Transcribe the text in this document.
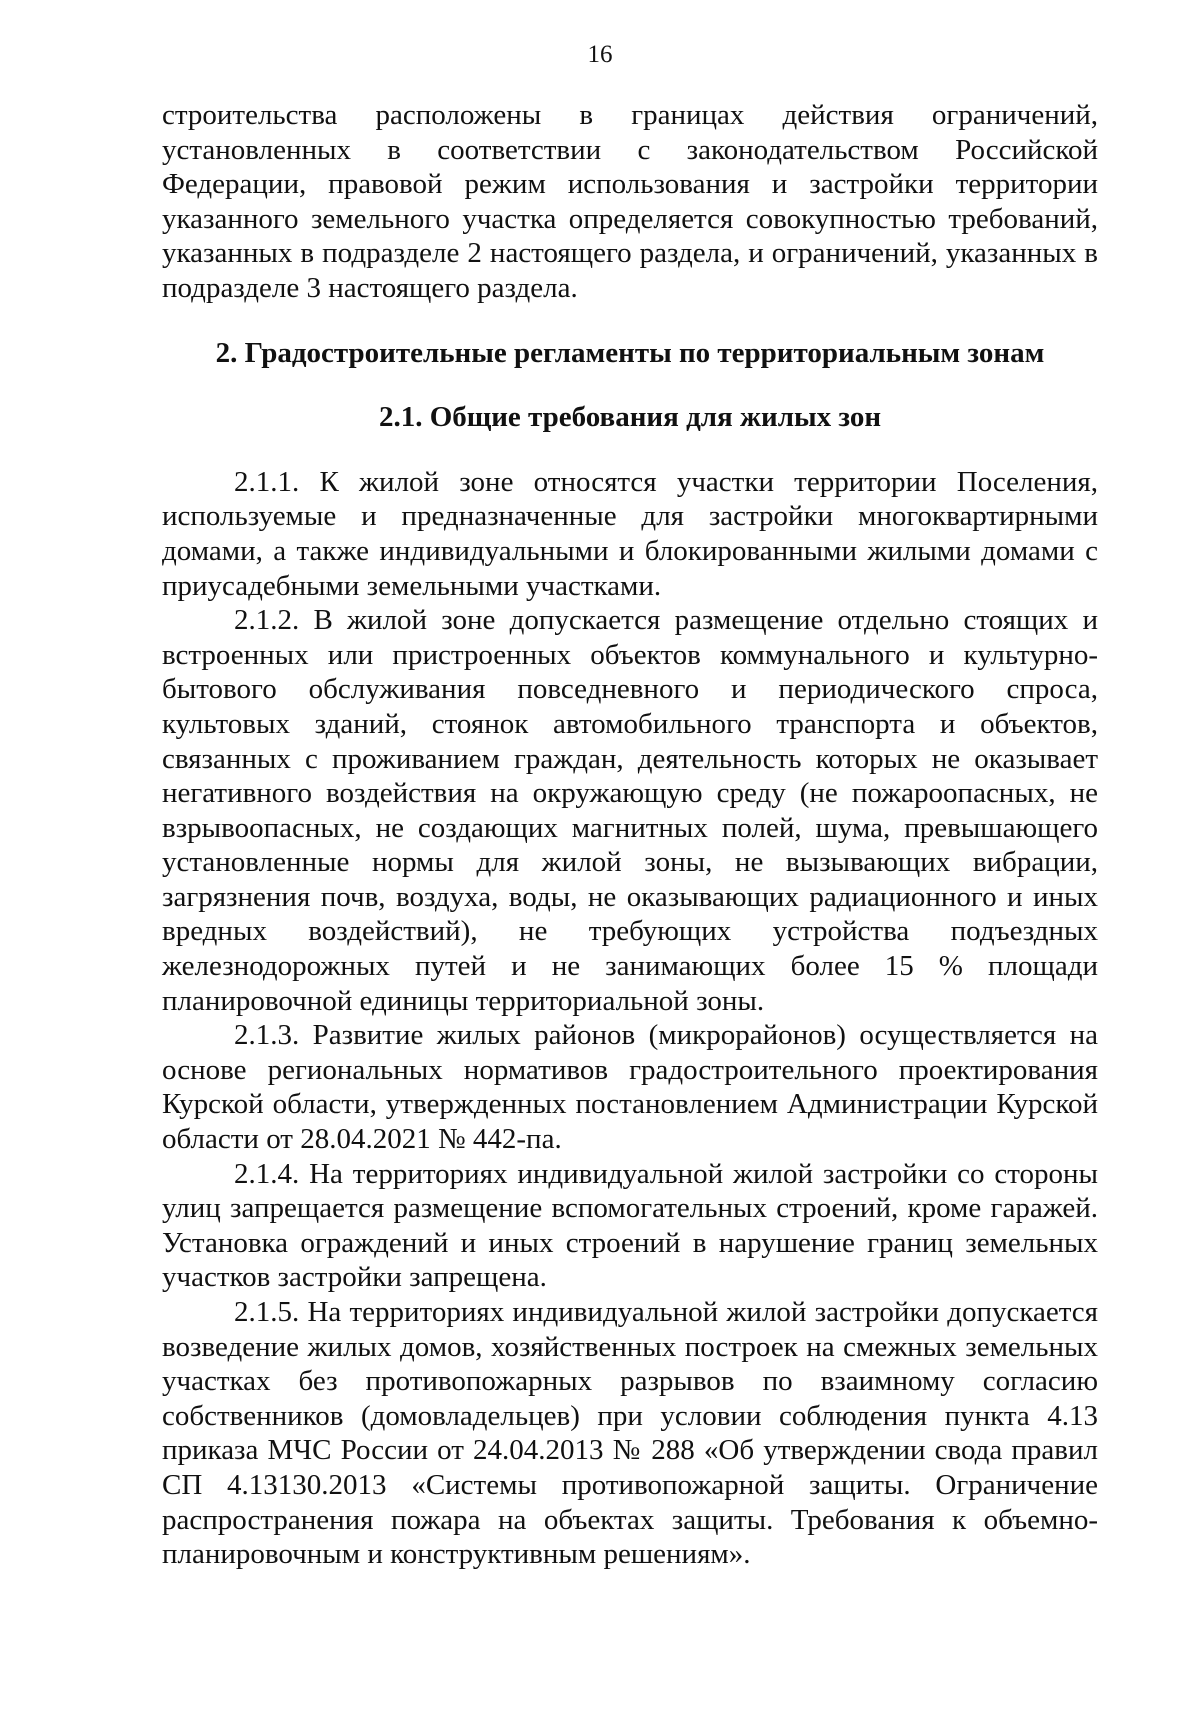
16

строительства расположены в границах действия ограничений, установленных в соответствии с законодательством Российской Федерации, правовой режим использования и застройки территории указанного земельного участка определяется совокупностью требований, указанных в подразделе 2 настоящего раздела, и ограничений, указанных в подразделе 3 настоящего раздела.

2. Градостроительные регламенты по территориальным зонам
2.1. Общие требования для жилых зон

2.1.1. К жилой зоне относятся участки территории Поселения, используемые и предназначенные для застройки многоквартирными домами, а также индивидуальными и блокированными жилыми домами с приусадебными земельными участками.

2.1.2. В жилой зоне допускается размещение отдельно стоящих и встроенных или пристроенных объектов коммунального и культурно-бытового обслуживания повседневного и периодического спроса, культовых зданий, стоянок автомобильного транспорта и объектов, связанных с проживанием граждан, деятельность которых не оказывает негативного воздействия на окружающую среду (не пожароопасных, не взрывоопасных, не создающих магнитных полей, шума, превышающего установленные нормы для жилой зоны, не вызывающих вибрации, загрязнения почв, воздуха, воды, не оказывающих радиационного и иных вредных воздействий), не требующих устройства подъездных железнодорожных путей и не занимающих более 15 % площади планировочной единицы территориальной зоны.

2.1.3. Развитие жилых районов (микрорайонов) осуществляется на основе региональных нормативов градостроительного проектирования Курской области, утвержденных постановлением Администрации Курской области от 28.04.2021 № 442-па.

2.1.4. На территориях индивидуальной жилой застройки со стороны улиц запрещается размещение вспомогательных строений, кроме гаражей. Установка ограждений и иных строений в нарушение границ земельных участков застройки запрещена.

2.1.5. На территориях индивидуальной жилой застройки допускается возведение жилых домов, хозяйственных построек на смежных земельных участках без противопожарных разрывов по взаимному согласию собственников (домовладельцев) при условии соблюдения пункта 4.13 приказа МЧС России от 24.04.2013 № 288 «Об утверждении свода правил СП 4.13130.2013 «Системы противопожарной защиты. Ограничение распространения пожара на объектах защиты. Требования к объемно-планировочным и конструктивным решениям».
